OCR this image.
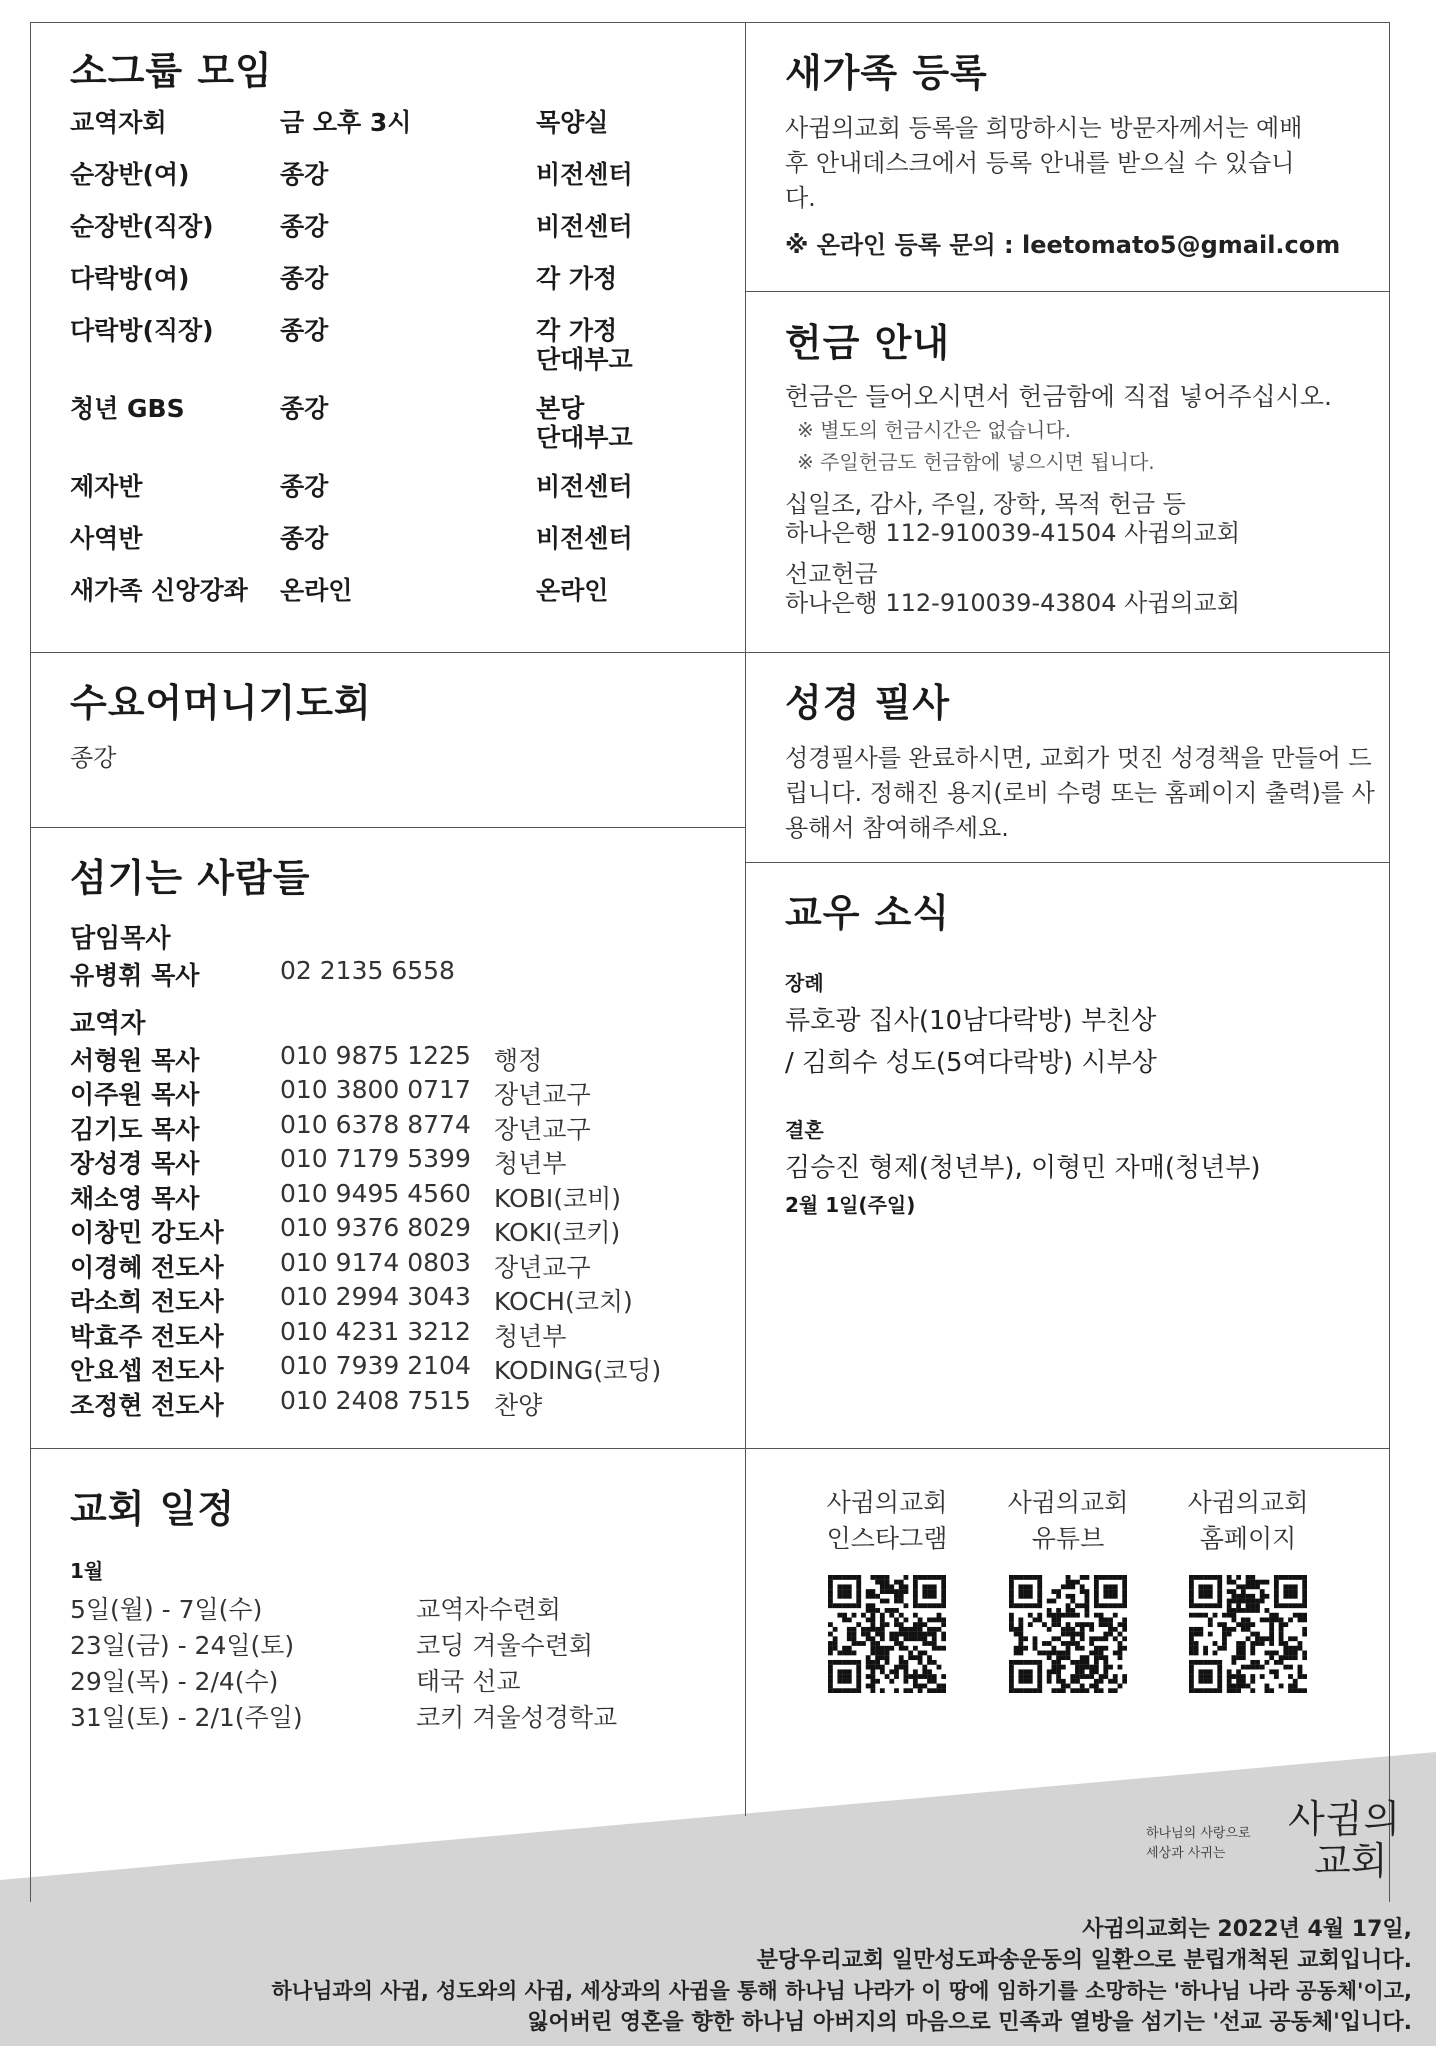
소그룹 모임
교역자회	금 오후 3시	목양실
순장반(여)	종강	비전센터
순장반(직장)	종강	비전센터
다락방(여)	종강	각 가정
다락방(직장)	종강	각 가정
단대부고
청년 GBS	종강	본당
단대부고
제자반	종강	비전센터
사역반	종강	비전센터
새가족 신앙강좌	온라인	온라인
새가족 등록

사귐의교회 등록을 희망하시는 방문자께서는 예배 후 안내데스크에서 등록 안내를 받으실 수 있습니다.

※ 온라인 등록 문의 : leetomato5@gmail.com

헌금 안내

헌금은 들어오시면서 헌금함에 직접 넣어주십시오.

※ 별도의 헌금시간은 없습니다.

※ 주일헌금도 헌금함에 넣으시면 됩니다.

십일조, 감사, 주일, 장학, 목적 헌금 등

하나은행 112-910039-41504 사귐의교회

선교헌금

하나은행 112-910039-43804 사귐의교회

수요어머니기도회

종강

성경 필사

성경필사를 완료하시면, 교회가 멋진 성경책을 만들어 드립니다. 정해진 용지(로비 수령 또는 홈페이지 출력)를 사용해서 참여해주세요.

섬기는 사람들
담임목사
유병휘 목사	02 2135 6558
교역자
서형원 목사	010 9875 1225 행정
이주원 목사	010 3800 0717 장년교구
김기도 목사	010 6378 8774 장년교구
장성경 목사	010 7179 5399 청년부
채소영 목사	010 9495 4560 KOBI(코비)
이창민 강도사 010 9376 8029 KOKI(코키)
이경혜 전도사 010 9174 0803 장년교구
라소희 전도사 010 2994 3043 KOCH(코치)
박효주 전도사 010 4231 3212 청년부
안요셉 전도사 010 7939 2104 KODING(코딩)
조정현 전도사 010 2408 7515 찬양
교우 소식

장례

류호광 집사(10남다락방) 부친상

/ 김희수 성도(5여다락방) 시부상

결혼

김승진 형제(청년부), 이형민 자매(청년부)

2월 1일(주일)

교회 일정

1월

5일(월) - 7일(수)	교역자수련회
23일(금) - 24일(토)	코딩 겨울수련회
29일(목) - 2/4(수)	태국 선교
31일(토) - 2/1(주일)	코키 겨울성경학교
사귐의교회
인스타그램
사귐의교회
유튜브
사귐의교회
홈페이지
하나님의 사랑으로
세상과 사귀는
사귐의
교회
사귐의교회는 2022년 4월 17일,
분당우리교회 일만성도파송운동의 일환으로 분립개척된 교회입니다.
하나님과의 사귐, 성도와의 사귐, 세상과의 사귐을 통해 하나님 나라가 이 땅에 임하기를 소망하는 '하나님 나라 공동체'이고,
잃어버린 영혼을 향한 하나님 아버지의 마음으로 민족과 열방을 섬기는 '선교 공동체'입니다.
